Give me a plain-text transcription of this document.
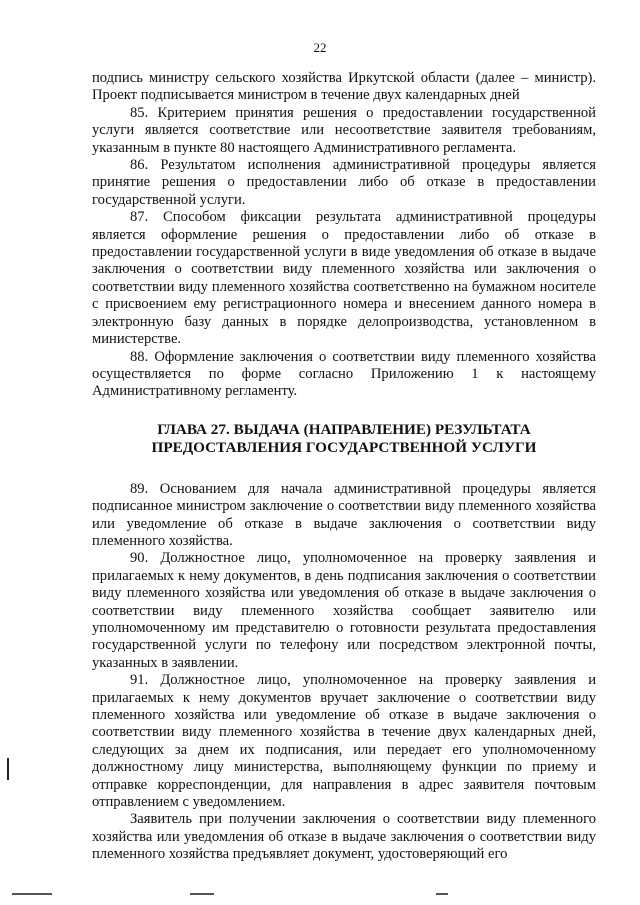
22

подпись министру сельского хозяйства Иркутской области (далее – министр). Проект подписывается министром в течение двух календарных дней

85. Критерием принятия решения о предоставлении государственной услуги является соответствие или несоответствие заявителя требованиям, указанным в пункте 80 настоящего Административного регламента.

86. Результатом исполнения административной процедуры является принятие решения о предоставлении либо об отказе в предоставлении государственной услуги.

87. Способом фиксации результата административной процедуры является оформление решения о предоставлении либо об отказе в предоставлении государственной услуги в виде уведомления об отказе в выдаче заключения о соответствии виду племенного хозяйства или заключения о соответствии виду племенного хозяйства соответственно на бумажном носителе с присвоением ему регистрационного номера и внесением данного номера в электронную базу данных в порядке делопроизводства, установленном в министерстве.

88. Оформление заключения о соответствии виду племенного хозяйства осуществляется по форме согласно Приложению 1 к настоящему Административному регламенту.

ГЛАВА 27. ВЫДАЧА (НАПРАВЛЕНИЕ) РЕЗУЛЬТАТА
ПРЕДОСТАВЛЕНИЯ ГОСУДАРСТВЕННОЙ УСЛУГИ

89. Основанием для начала административной процедуры является подписанное министром заключение о соответствии виду племенного хозяйства или уведомление об отказе в выдаче заключения о соответствии виду племенного хозяйства.

90. Должностное лицо, уполномоченное на проверку заявления и прилагаемых к нему документов, в день подписания заключения о соответствии виду племенного хозяйства или уведомления об отказе в выдаче заключения о соответствии виду племенного хозяйства сообщает заявителю или уполномоченному им представителю о готовности результата предоставления государственной услуги по телефону или посредством электронной почты, указанных в заявлении.

91. Должностное лицо, уполномоченное на проверку заявления и прилагаемых к нему документов вручает заключение о соответствии виду племенного хозяйства или уведомление об отказе в выдаче заключения о соответствии виду племенного хозяйства в течение двух календарных дней, следующих за днем их подписания, или передает его уполномоченному должностному лицу министерства, выполняющему функции по приему и отправке корреспонденции, для направления в адрес заявителя почтовым отправлением с уведомлением.

Заявитель при получении заключения о соответствии виду племенного хозяйства или уведомления об отказе в выдаче заключения о соответствии виду племенного хозяйства предъявляет документ, удостоверяющий его
